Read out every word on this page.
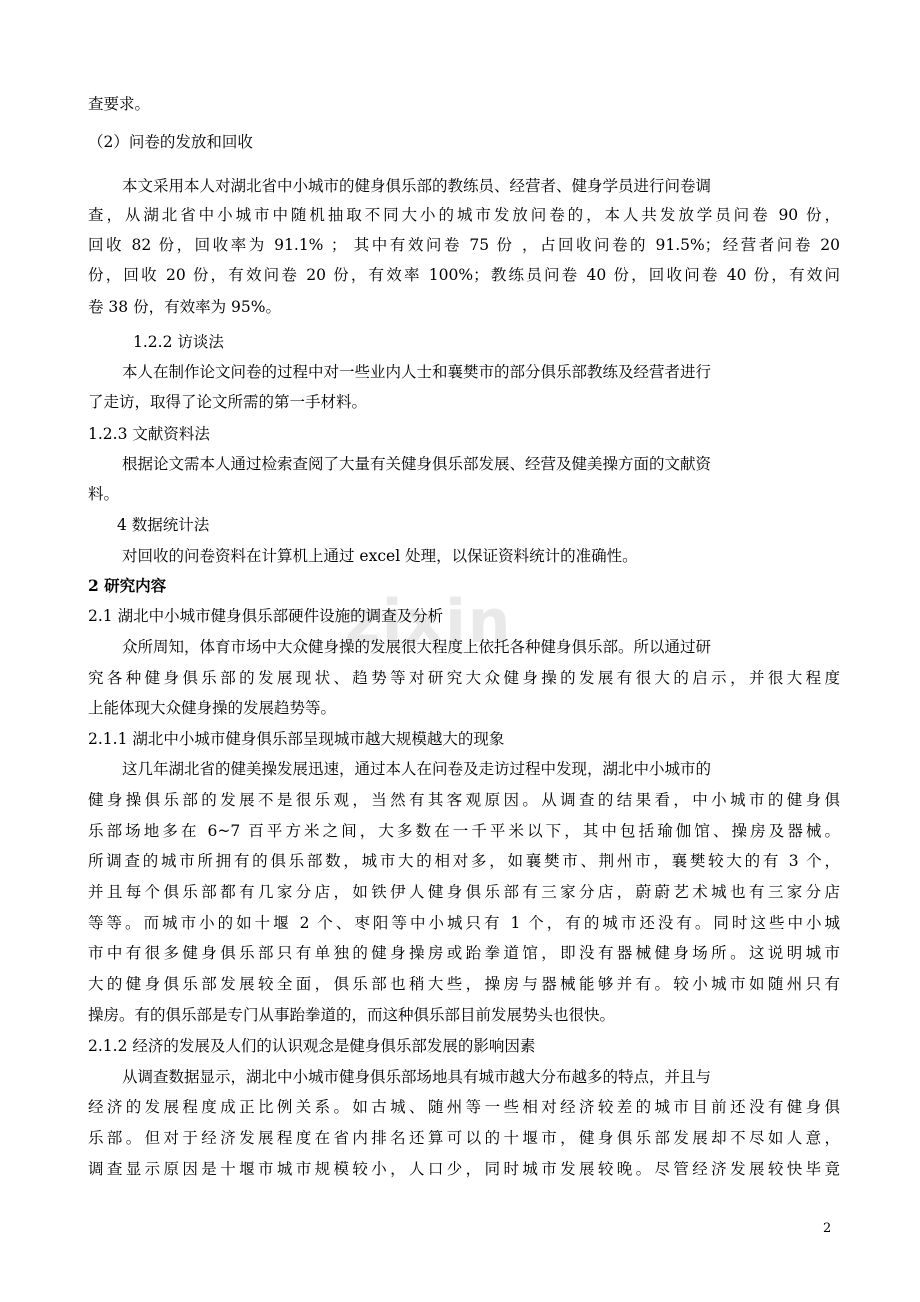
zixin
查要求。
（2）问卷的发放和回收
本文采用本人对湖北省中小城市的健身俱乐部的教练员、经营者、健身学员进行问卷调
查，从湖北省中小城市中随机抽取不同大小的城市发放问卷的，本人共发放学员问卷 90 份，
回收 82 份，回收率为 91.1% ； 其中有效问卷 75 份 ，占回收问卷的 91.5%；经营者问卷 20
份，回收 20 份，有效问卷 20 份，有效率 100%；教练员问卷 40 份，回收问卷 40 份，有效问
卷 38 份，有效率为 95%。
1.2.2 访谈法
本人在制作论文问卷的过程中对一些业内人士和襄樊市的部分俱乐部教练及经营者进行
了走访，取得了论文所需的第一手材料。
1.2.3 文献资料法
根据论文需本人通过检索查阅了大量有关健身俱乐部发展、经营及健美操方面的文献资
料。
4 数据统计法
对回收的问卷资料在计算机上通过 excel 处理，以保证资料统计的准确性。
2 研究内容
2.1 湖北中小城市健身俱乐部硬件设施的调查及分析
众所周知，体育市场中大众健身操的发展很大程度上依托各种健身俱乐部。所以通过研
究各种健身俱乐部的发展现状、趋势等对研究大众健身操的发展有很大的启示，并很大程度
上能体现大众健身操的发展趋势等。
2.1.1 湖北中小城市健身俱乐部呈现城市越大规模越大的现象
这几年湖北省的健美操发展迅速，通过本人在问卷及走访过程中发现，湖北中小城市的
健身操俱乐部的发展不是很乐观，当然有其客观原因。从调查的结果看，中小城市的健身俱
乐部场地多在 6~7 百平方米之间，大多数在一千平米以下，其中包括瑜伽馆、操房及器械。
所调查的城市所拥有的俱乐部数，城市大的相对多，如襄樊市、荆州市，襄樊较大的有 3 个，
并且每个俱乐部都有几家分店，如铁伊人健身俱乐部有三家分店，蔚蔚艺术城也有三家分店
等等。而城市小的如十堰 2 个、枣阳等中小城只有 1 个，有的城市还没有。同时这些中小城
市中有很多健身俱乐部只有单独的健身操房或跆拳道馆，即没有器械健身场所。这说明城市
大的健身俱乐部发展较全面，俱乐部也稍大些，操房与器械能够并有。较小城市如随州只有
操房。有的俱乐部是专门从事跆拳道的，而这种俱乐部目前发展势头也很快。
2.1.2 经济的发展及人们的认识观念是健身俱乐部发展的影响因素
从调查数据显示，湖北中小城市健身俱乐部场地具有城市越大分布越多的特点，并且与
经济的发展程度成正比例关系。如古城、随州等一些相对经济较差的城市目前还没有健身俱
乐部。但对于经济发展程度在省内排名还算可以的十堰市，健身俱乐部发展却不尽如人意，
调查显示原因是十堰市城市规模较小，人口少，同时城市发展较晚。尽管经济发展较快毕竟
2
